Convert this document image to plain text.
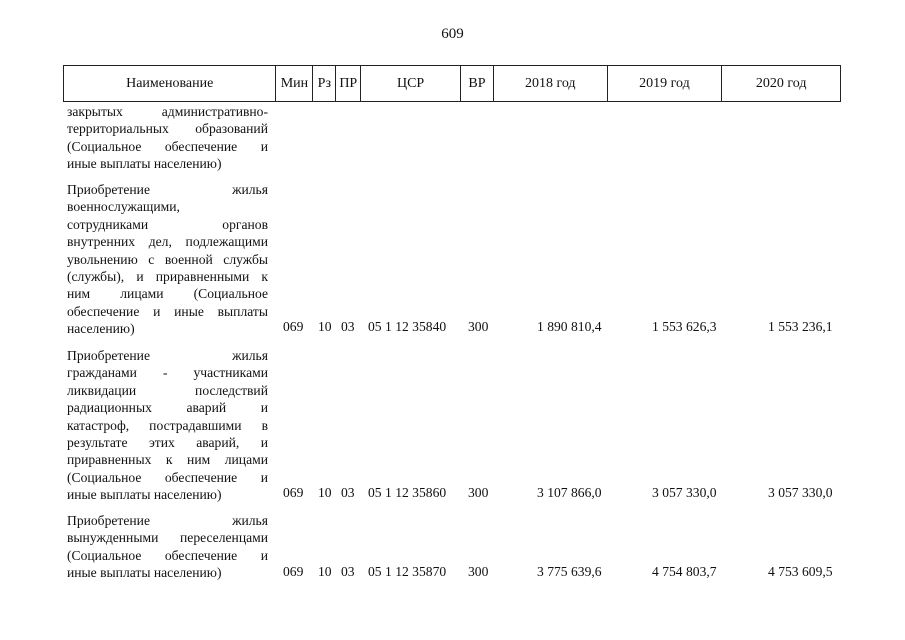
609
Наименование	Мин Рз ПР	ЦСР	ВР	2018 год	2019 год	2020 год
закрытых административно-
территориальных образований
(Социальное обеспечение и
иные выплаты населению)
Приобретение жилья
военнослужащими,
сотрудниками органов
внутренних дел, подлежащими
увольнению с военной службы
(службы), и приравненными к
ним лицами (Социальное
обеспечение и иные выплаты
населению)	069 10 03 05 1 12 35840 300	1 890 810,4	1 553 626,3	1 553 236,1
Приобретение жилья
гражданами - участниками
ликвидации последствий
радиационных аварий и
катастроф, пострадавшими в
результате этих аварий, и
приравненных к ним лицами
(Социальное обеспечение и
иные выплаты населению)	069 10 03 05 1 12 35860 300	3 107 866,0	3 057 330,0	3 057 330,0
Приобретение жилья
вынужденными переселенцами
(Социальное обеспечение и
иные выплаты населению)	069 10 03 05 1 12 35870 300	3 775 639,6	4 754 803,7	4 753 609,5
